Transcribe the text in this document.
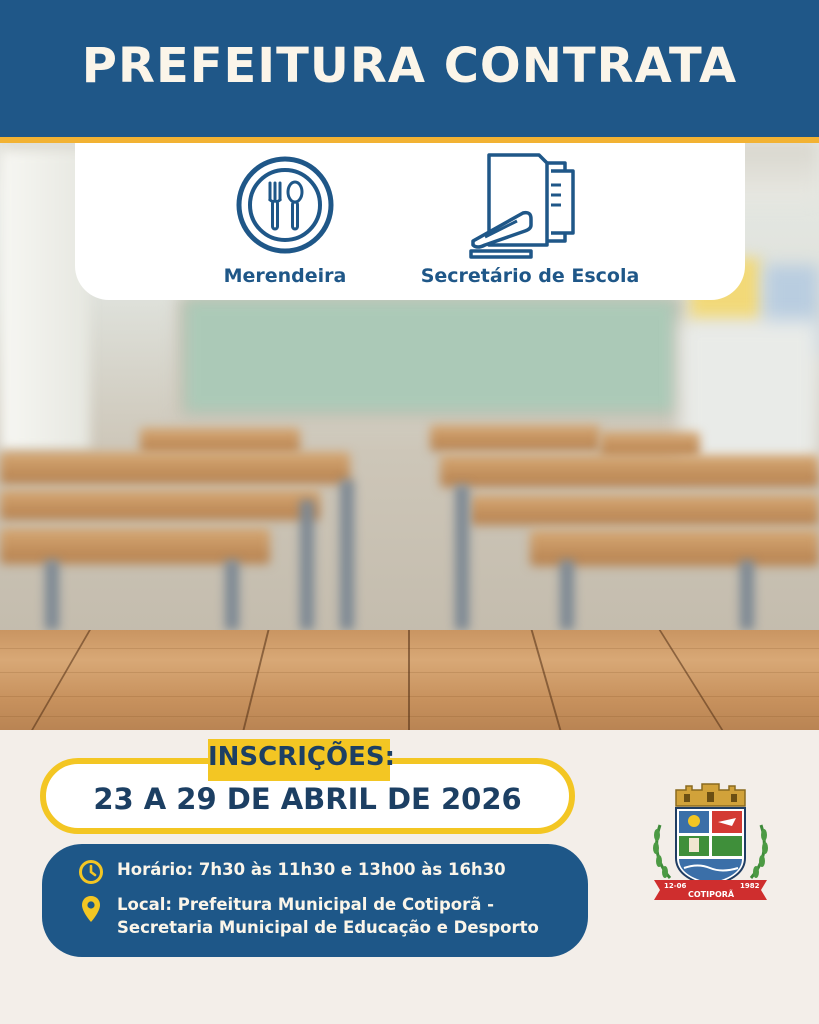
PREFEITURA CONTRATA
Merendeira	Secretário de Escola
INSCRIÇÕES:
23 A 29 DE ABRIL DE 2026
Horário: 7h30 às 11h30 e 13h00 às 16h30
Local: Prefeitura Municipal de Cotiporã -
Secretaria Municipal de Educação e Desporto
12-06	1982
COTIPORÃ
